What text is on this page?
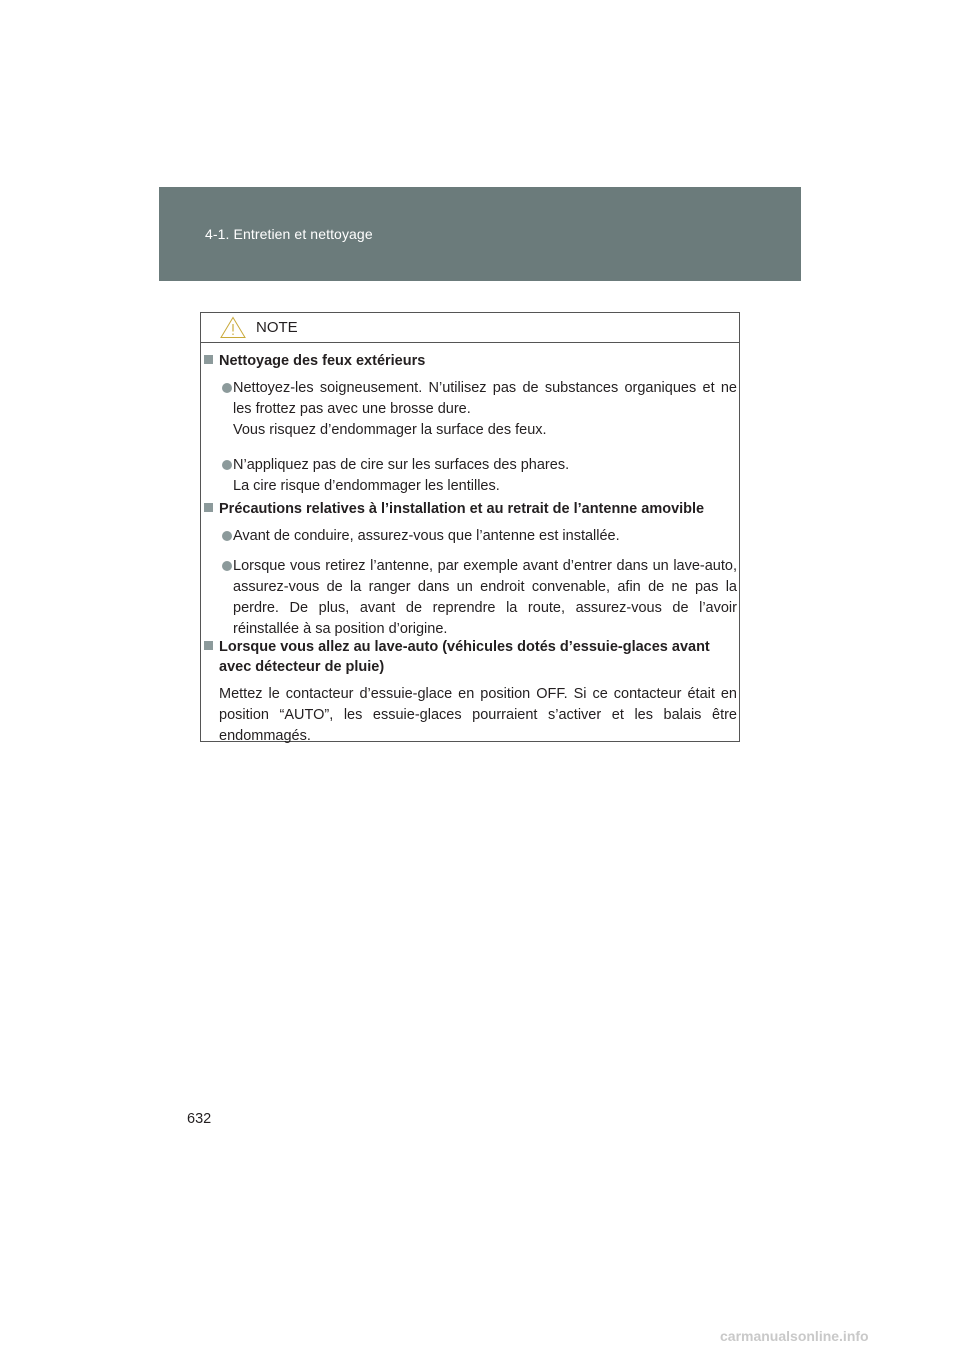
4-1. Entretien et nettoyage
NOTE
Nettoyage des feux extérieurs
Nettoyez-les soigneusement. N’utilisez pas de substances organiques et ne les frottez pas avec une brosse dure.
Vous risquez d’endommager la surface des feux.
N’appliquez pas de cire sur les surfaces des phares.
La cire risque d’endommager les lentilles.
Précautions relatives à l’installation et au retrait de l’antenne amovible
Avant de conduire, assurez-vous que l’antenne est installée.
Lorsque vous retirez l’antenne, par exemple avant d’entrer dans un lave-auto, assurez-vous de la ranger dans un endroit convenable, afin de ne pas la perdre. De plus, avant de reprendre la route, assurez-vous de l’avoir réinstallée à sa position d’origine.
Lorsque vous allez au lave-auto (véhicules dotés d’essuie-glaces avant
avec détecteur de pluie)
Mettez le contacteur d’essuie-glace en position OFF. Si ce contacteur était en position “AUTO”, les essuie-glaces pourraient s’activer et les balais être endommagés.
632
carmanualsonline.info
